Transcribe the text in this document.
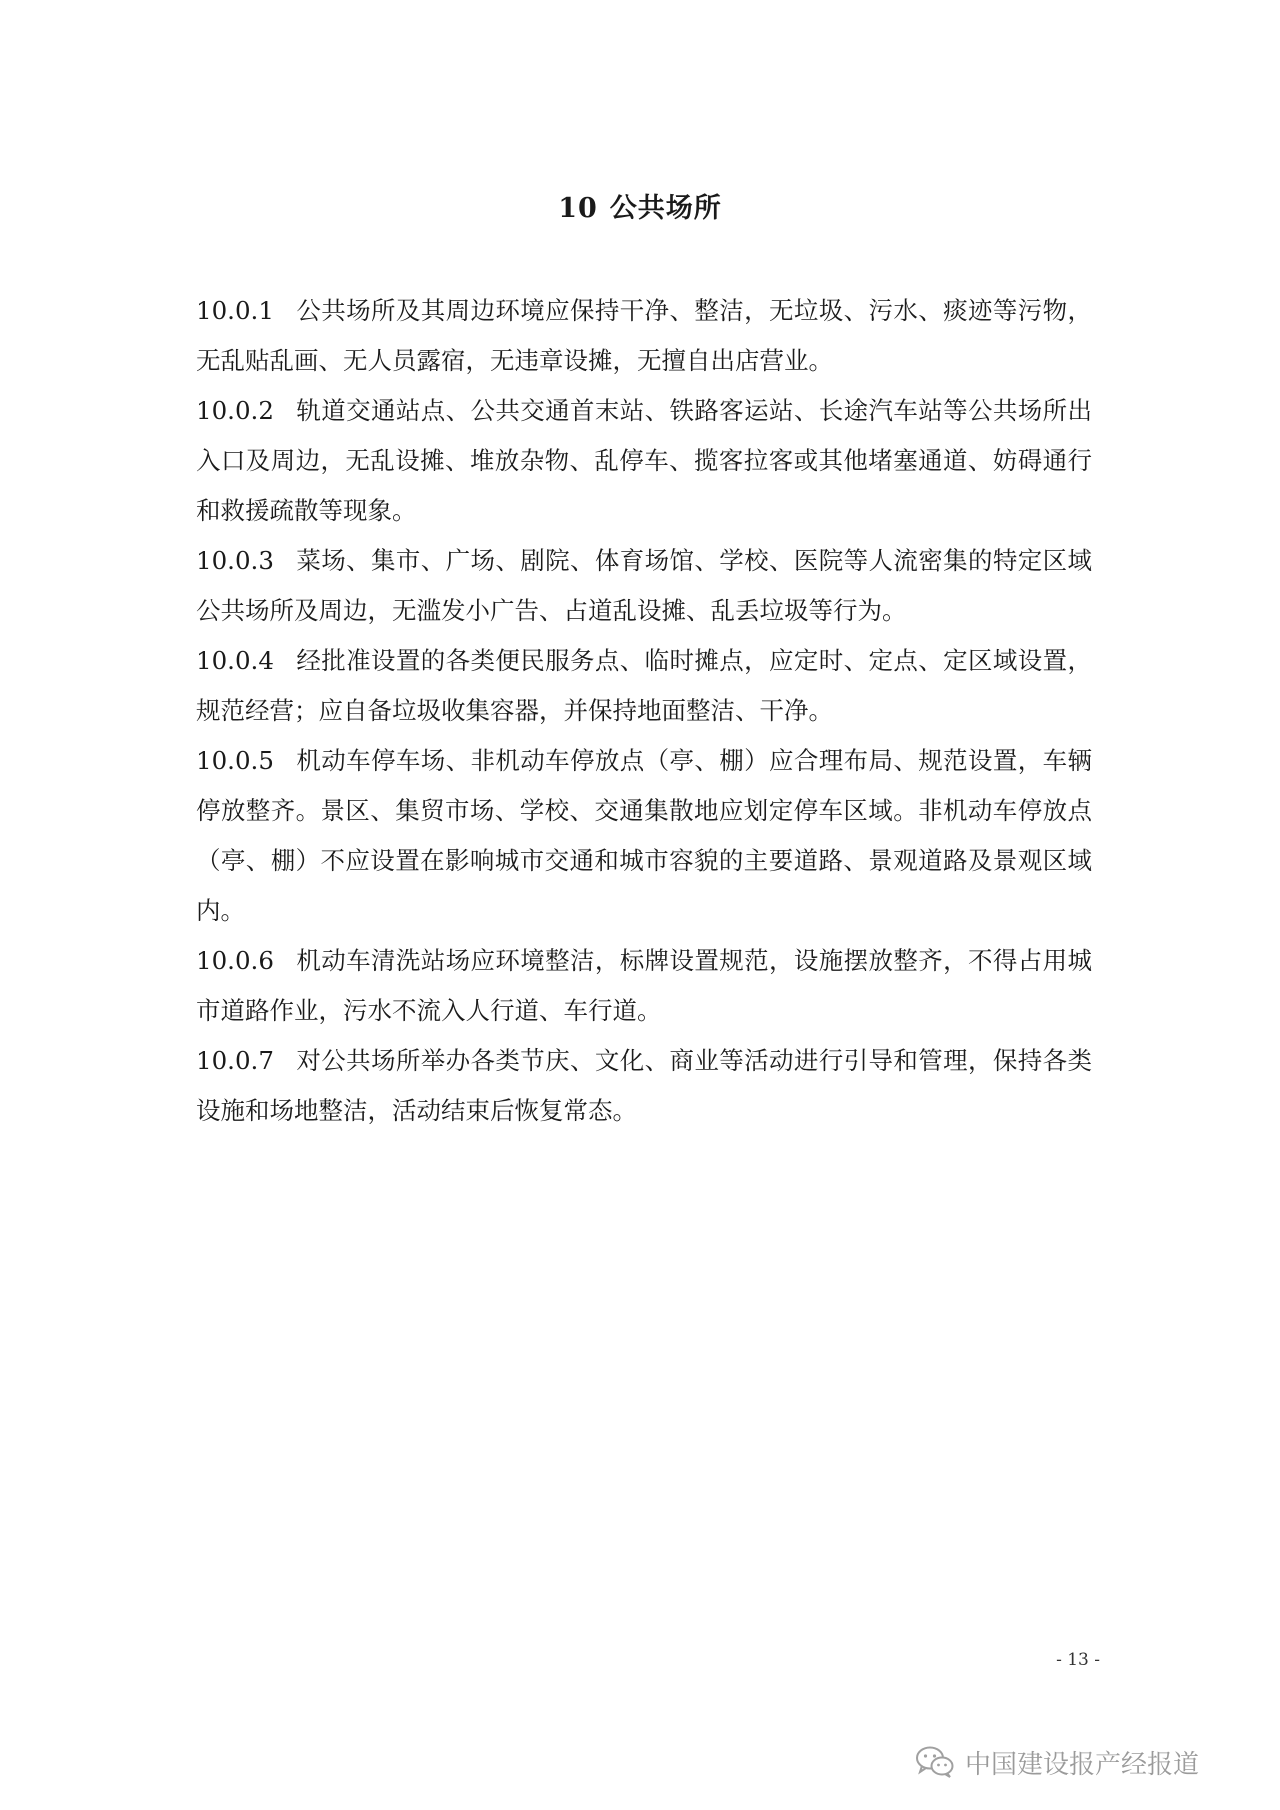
10 公共场所

10.0.1 公共场所及其周边环境应保持干净、整洁，无垃圾、污水、痰迹等污物，无乱贴乱画、无人员露宿，无违章设摊，无擅自出店营业。

10.0.2 轨道交通站点、公共交通首末站、铁路客运站、长途汽车站等公共场所出入口及周边，无乱设摊、堆放杂物、乱停车、揽客拉客或其他堵塞通道、妨碍通行和救援疏散等现象。

10.0.3 菜场、集市、广场、剧院、体育场馆、学校、医院等人流密集的特定区域公共场所及周边，无滥发小广告、占道乱设摊、乱丢垃圾等行为。

10.0.4 经批准设置的各类便民服务点、临时摊点，应定时、定点、定区域设置，规范经营；应自备垃圾收集容器，并保持地面整洁、干净。

10.0.5 机动车停车场、非机动车停放点（亭、棚）应合理布局、规范设置，车辆停放整齐。景区、集贸市场、学校、交通集散地应划定停车区域。非机动车停放点（亭、棚）不应设置在影响城市交通和城市容貌的主要道路、景观道路及景观区域内。

10.0.6 机动车清洗站场应环境整洁，标牌设置规范，设施摆放整齐，不得占用城市道路作业，污水不流入人行道、车行道。

10.0.7 对公共场所举办各类节庆、文化、商业等活动进行引导和管理，保持各类设施和场地整洁，活动结束后恢复常态。

- 13 -
中国建设报产经报道
